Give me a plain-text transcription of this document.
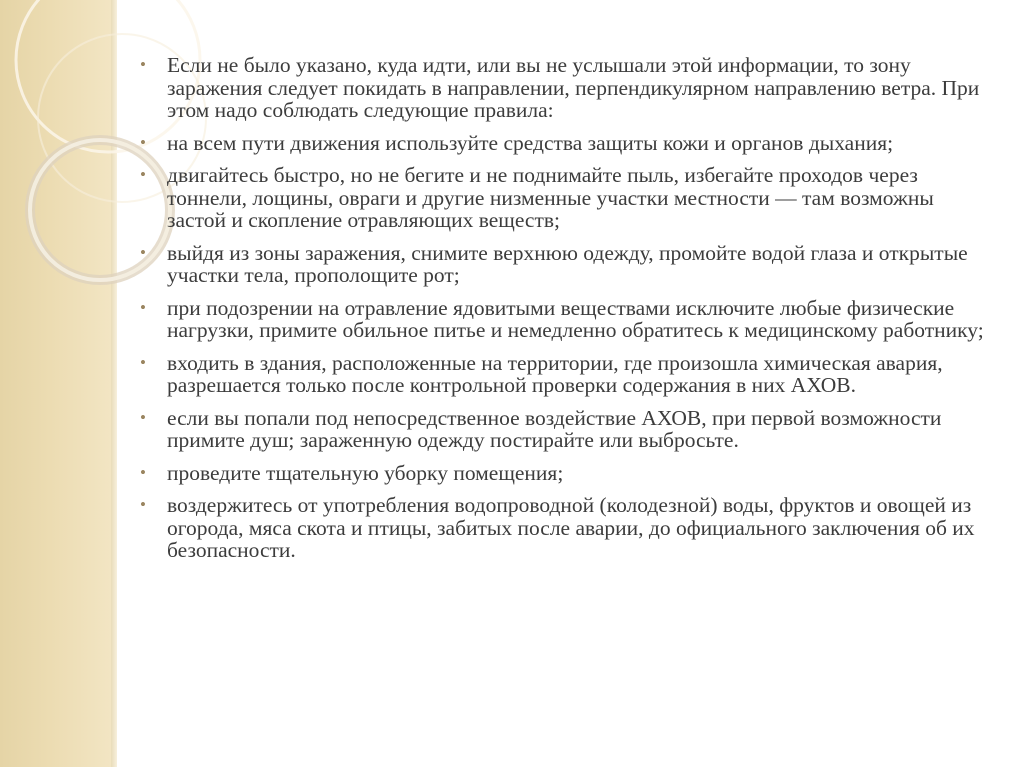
• Если не было указано, куда идти, или вы не услышали этой информации, то зону заражения следует покидать в направлении, перпендикулярном направлению ветра. При этом надо соблюдать следующие правила:
• на всем пути движения используйте средства защиты кожи и органов дыхания;
• двигайтесь быстро, но не бегите и не поднимайте пыль, избегайте проходов через тоннели, лощины, овраги и другие низменные участки местности — там возможны застой и скопление отравляющих веществ;
• выйдя из зоны заражения, снимите верхнюю одежду, промойте водой глаза и открытые участки тела, прополощите рот;
• при подозрении на отравление ядовитыми веществами исключите любые физические нагрузки, примите обильное питье и немедленно обратитесь к медицинскому работнику;
• входить в здания, расположенные на территории, где произошла химическая авария, разрешается только после контрольной проверки содержания в них АХОВ.
• если вы попали под непосредственное воздействие АХОВ, при первой возможности примите душ; зараженную одежду постирайте или выбросьте.
• проведите тщательную уборку помещения;
• воздержитесь от употребления водопроводной (колодезной) воды, фруктов и овощей из огорода, мяса скота и птицы, забитых после аварии, до официального заключения об их безопасности.
